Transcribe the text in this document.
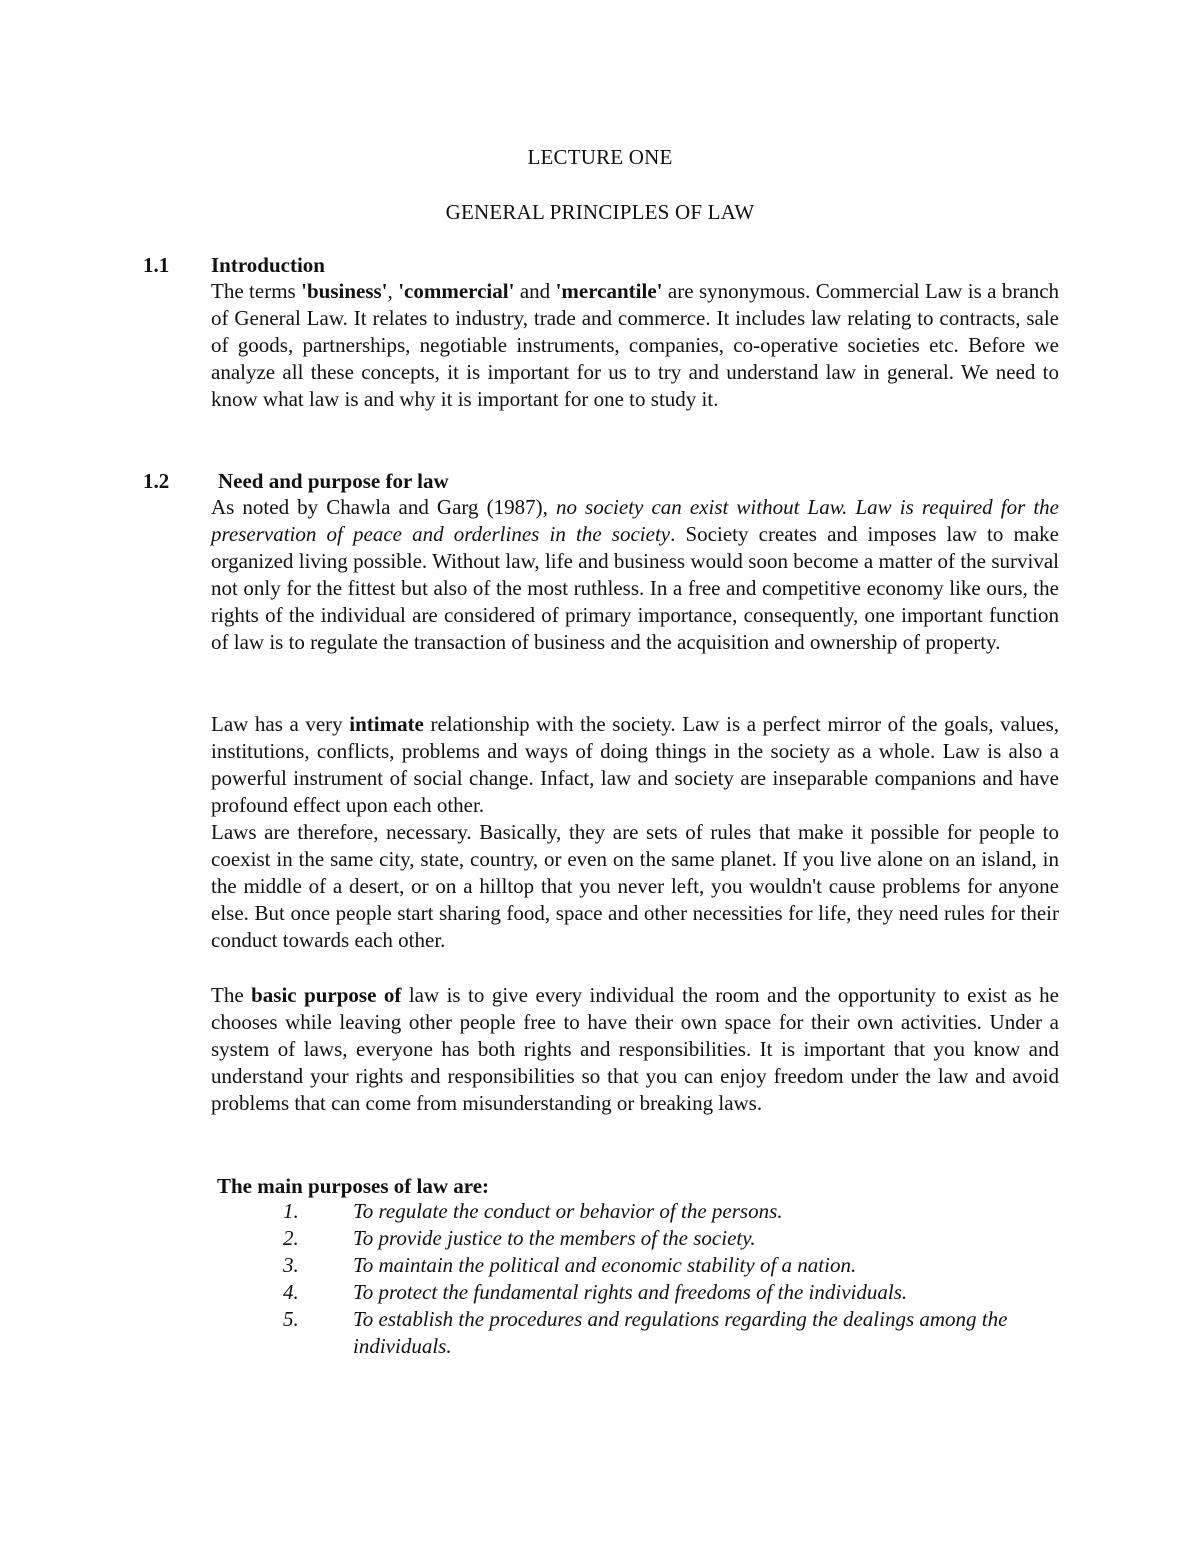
LECTURE ONE
GENERAL PRINCIPLES OF LAW
1.1 Introduction

The terms 'business', 'commercial' and 'mercantile' are synonymous. Commercial Law is a branch of General Law. It relates to industry, trade and commerce. It includes law relating to contracts, sale of goods, partnerships, negotiable instruments, companies, co-operative societies etc. Before we analyze all these concepts, it is important for us to try and understand law in general. We need to know what law is and why it is important for one to study it.

1.2 Need and purpose for law

As noted by Chawla and Garg (1987), no society can exist without Law. Law is required for the preservation of peace and orderlines in the society. Society creates and imposes law to make organized living possible. Without law, life and business would soon become a matter of the survival not only for the fittest but also of the most ruthless. In a free and competitive economy like ours, the rights of the individual are considered of primary importance, consequently, one important function of law is to regulate the transaction of business and the acquisition and ownership of property.

Law has a very intimate relationship with the society. Law is a perfect mirror of the goals, values, institutions, conflicts, problems and ways of doing things in the society as a whole. Law is also a powerful instrument of social change. Infact, law and society are inseparable companions and have profound effect upon each other.

Laws are therefore, necessary. Basically, they are sets of rules that make it possible for people to coexist in the same city, state, country, or even on the same planet. If you live alone on an island, in the middle of a desert, or on a hilltop that you never left, you wouldn't cause problems for anyone else. But once people start sharing food, space and other necessities for life, they need rules for their conduct towards each other.

The basic purpose of law is to give every individual the room and the opportunity to exist as he chooses while leaving other people free to have their own space for their own activities. Under a system of laws, everyone has both rights and responsibilities. It is important that you know and understand your rights and responsibilities so that you can enjoy freedom under the law and avoid problems that can come from misunderstanding or breaking laws.

The main purposes of law are:
1.	To regulate the conduct or behavior of the persons.
2.	To provide justice to the members of the society.
3.	To maintain the political and economic stability of a nation.
4.	To protect the fundamental rights and freedoms of the individuals.
5.	To establish the procedures and regulations regarding the dealings among the individuals.
